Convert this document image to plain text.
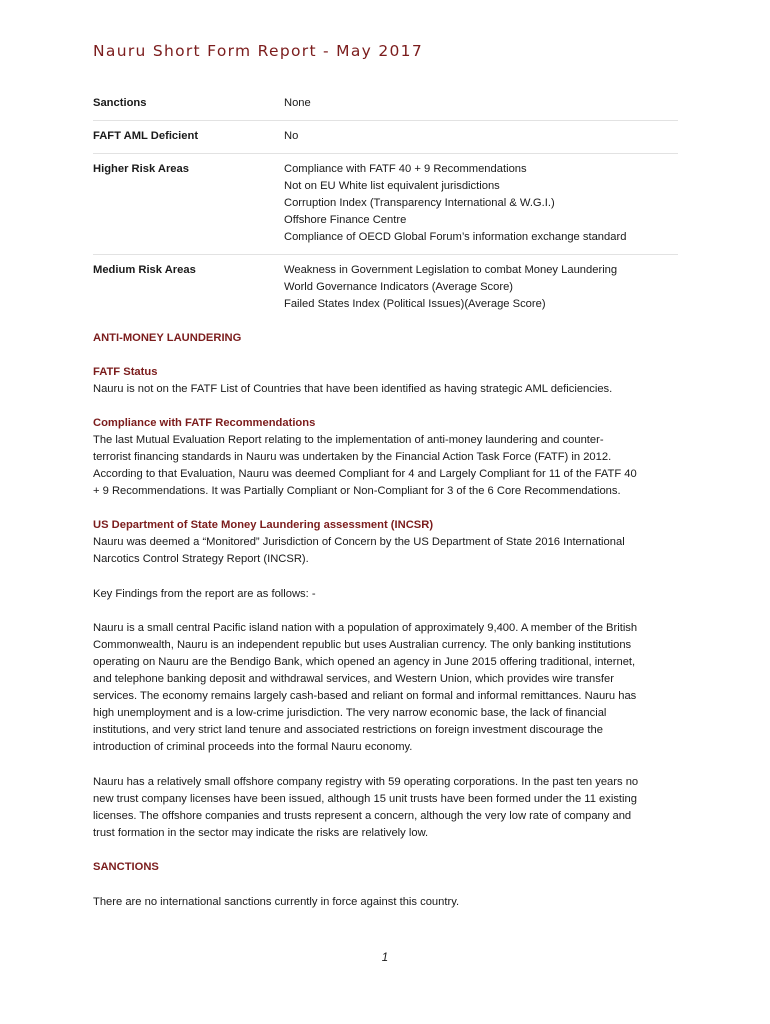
Nauru Short Form Report - May 2017
Sanctions	None

FAFT AML Deficient	No

Higher Risk Areas	Compliance with FATF 40 + 9 Recommendations
Not on EU White list equivalent jurisdictions
Corruption Index (Transparency International & W.G.I.)
Offshore Finance Centre
Compliance of OECD Global Forum’s information exchange standard

Medium Risk Areas	Weakness in Government Legislation to combat Money Laundering
World Governance Indicators (Average Score)
Failed States Index (Political Issues)(Average Score)
ANTI-MONEY LAUNDERING
FATF Status
Nauru is not on the FATF List of Countries that have been identified as having strategic AML deficiencies.
Compliance with FATF Recommendations
The last Mutual Evaluation Report relating to the implementation of anti-money laundering and counter-
terrorist financing standards in Nauru was undertaken by the Financial Action Task Force (FATF) in 2012.
According to that Evaluation, Nauru was deemed Compliant for 4 and Largely Compliant for 11 of the FATF 40
+ 9 Recommendations. It was Partially Compliant or Non-Compliant for 3 of the 6 Core Recommendations.
US Department of State Money Laundering assessment (INCSR)
Nauru was deemed a “Monitored” Jurisdiction of Concern by the US Department of State 2016 International
Narcotics Control Strategy Report (INCSR).
Key Findings from the report are as follows: -
Nauru is a small central Pacific island nation with a population of approximately 9,400. A member of the British
Commonwealth, Nauru is an independent republic but uses Australian currency. The only banking institutions
operating on Nauru are the Bendigo Bank, which opened an agency in June 2015 offering traditional, internet,
and telephone banking deposit and withdrawal services, and Western Union, which provides wire transfer
services. The economy remains largely cash-based and reliant on formal and informal remittances. Nauru has
high unemployment and is a low-crime jurisdiction. The very narrow economic base, the lack of financial
institutions, and very strict land tenure and associated restrictions on foreign investment discourage the
introduction of criminal proceeds into the formal Nauru economy.
Nauru has a relatively small offshore company registry with 59 operating corporations. In the past ten years no
new trust company licenses have been issued, although 15 unit trusts have been formed under the 11 existing
licenses. The offshore companies and trusts represent a concern, although the very low rate of company and
trust formation in the sector may indicate the risks are relatively low.
SANCTIONS
There are no international sanctions currently in force against this country.
1
